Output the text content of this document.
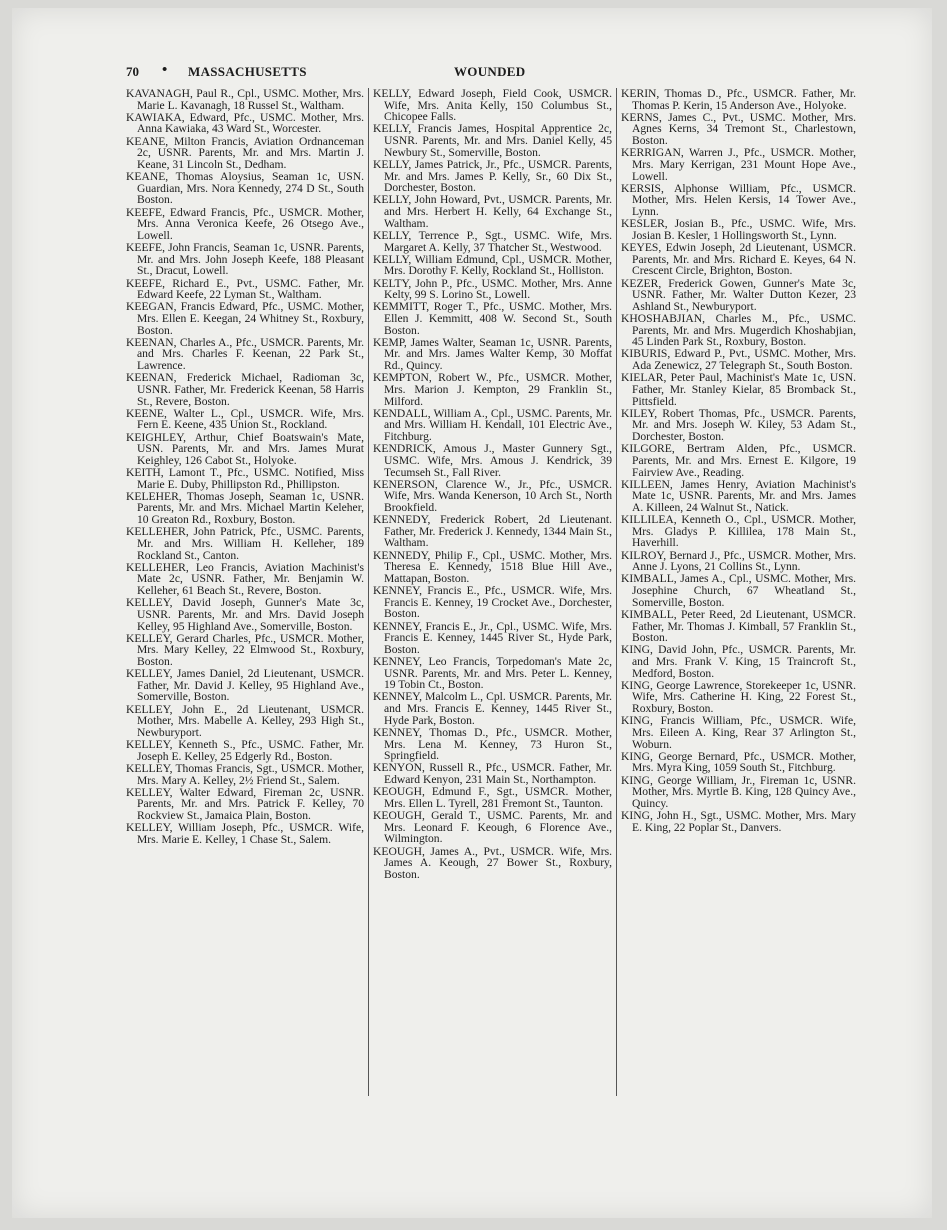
70 • MASSACHUSETTS	WOUNDED

KAVANAGH, Paul R., Cpl., USMC. Mother, Mrs. Marie L. Kavanagh, 18 Russel St., Waltham.

KAWIAKA, Edward, Pfc., USMC. Mother, Mrs. Anna Kawiaka, 43 Ward St., Worcester.

KEANE, Milton Francis, Aviation Ordnanceman 2c, USNR. Parents, Mr. and Mrs. Martin J. Keane, 31 Lincoln St., Dedham.

KEANE, Thomas Aloysius, Seaman 1c, USN. Guardian, Mrs. Nora Kennedy, 274 D St., South Boston.

KEEFE, Edward Francis, Pfc., USMCR. Mother, Mrs. Anna Veronica Keefe, 26 Otsego Ave., Lowell.

KEEFE, John Francis, Seaman 1c, USNR. Parents, Mr. and Mrs. John Joseph Keefe, 188 Pleasant St., Dracut, Lowell.

KEEFE, Richard E., Pvt., USMC. Father, Mr. Edward Keefe, 22 Lyman St., Waltham.

KEEGAN, Francis Edward, Pfc., USMC. Mother, Mrs. Ellen E. Keegan, 24 Whitney St., Roxbury, Boston.

KEENAN, Charles A., Pfc., USMCR. Parents, Mr. and Mrs. Charles F. Keenan, 22 Park St., Lawrence.

KEENAN, Frederick Michael, Radioman 3c, USNR. Father, Mr. Frederick Keenan, 58 Harris St., Revere, Boston.

KEENE, Walter L., Cpl., USMCR. Wife, Mrs. Fern E. Keene, 435 Union St., Rockland.

KEIGHLEY, Arthur, Chief Boatswain's Mate, USN. Parents, Mr. and Mrs. James Murat Keighley, 126 Cabot St., Holyoke.

KEITH, Lamont T., Pfc., USMC. Notified, Miss Marie E. Duby, Phillipston Rd., Phillipston.

KELEHER, Thomas Joseph, Seaman 1c, USNR. Parents, Mr. and Mrs. Michael Martin Keleher, 10 Greaton Rd., Roxbury, Boston.

KELLEHER, John Patrick, Pfc., USMC. Parents, Mr. and Mrs. William H. Kelleher, 189 Rockland St., Canton.

KELLEHER, Leo Francis, Aviation Machinist's Mate 2c, USNR. Father, Mr. Benjamin W. Kelleher, 61 Beach St., Revere, Boston.

KELLEY, David Joseph, Gunner's Mate 3c, USNR. Parents, Mr. and Mrs. David Joseph Kelley, 95 Highland Ave., Somerville, Boston.

KELLEY, Gerard Charles, Pfc., USMCR. Mother, Mrs. Mary Kelley, 22 Elmwood St., Roxbury, Boston.

KELLEY, James Daniel, 2d Lieutenant, USMCR. Father, Mr. David J. Kelley, 95 Highland Ave., Somerville, Boston.

KELLEY, John E., 2d Lieutenant, USMCR. Mother, Mrs. Mabelle A. Kelley, 293 High St., Newburyport.

KELLEY, Kenneth S., Pfc., USMC. Father, Mr. Joseph E. Kelley, 25 Edgerly Rd., Boston.

KELLEY, Thomas Francis, Sgt., USMCR. Mother, Mrs. Mary A. Kelley, 2½ Friend St., Salem.

KELLEY, Walter Edward, Fireman 2c, USNR. Parents, Mr. and Mrs. Patrick F. Kelley, 70 Rockview St., Jamaica Plain, Boston.

KELLEY, William Joseph, Pfc., USMCR. Wife, Mrs. Marie E. Kelley, 1 Chase St., Salem.

KELLY, Edward Joseph, Field Cook, USMCR. Wife, Mrs. Anita Kelly, 150 Columbus St., Chicopee Falls.

KELLY, Francis James, Hospital Apprentice 2c, USNR. Parents, Mr. and Mrs. Daniel Kelly, 45 Newbury St., Somerville, Boston.

KELLY, James Patrick, Jr., Pfc., USMCR. Parents, Mr. and Mrs. James P. Kelly, Sr., 60 Dix St., Dorchester, Boston.

KELLY, John Howard, Pvt., USMCR. Parents, Mr. and Mrs. Herbert H. Kelly, 64 Exchange St., Waltham.

KELLY, Terrence P., Sgt., USMC. Wife, Mrs. Margaret A. Kelly, 37 Thatcher St., Westwood.

KELLY, William Edmund, Cpl., USMCR. Mother, Mrs. Dorothy F. Kelly, Rockland St., Holliston.

KELTY, John P., Pfc., USMC. Mother, Mrs. Anne Kelty, 99 S. Lorino St., Lowell.

KEMMITT, Roger T., Pfc., USMC. Mother, Mrs. Ellen J. Kemmitt, 408 W. Second St., South Boston.

KEMP, James Walter, Seaman 1c, USNR. Parents, Mr. and Mrs. James Walter Kemp, 30 Moffat Rd., Quincy.

KEMPTON, Robert W., Pfc., USMCR. Mother, Mrs. Marion J. Kempton, 29 Franklin St., Milford.

KENDALL, William A., Cpl., USMC. Parents, Mr. and Mrs. William H. Kendall, 101 Electric Ave., Fitchburg.

KENDRICK, Amous J., Master Gunnery Sgt., USMC. Wife, Mrs. Amous J. Kendrick, 39 Tecumseh St., Fall River.

KENERSON, Clarence W., Jr., Pfc., USMCR. Wife, Mrs. Wanda Kenerson, 10 Arch St., North Brookfield.

KENNEDY, Frederick Robert, 2d Lieutenant. Father, Mr. Frederick J. Kennedy, 1344 Main St., Waltham.

KENNEDY, Philip F., Cpl., USMC. Mother, Mrs. Theresa E. Kennedy, 1518 Blue Hill Ave., Mattapan, Boston.

KENNEY, Francis E., Pfc., USMCR. Wife, Mrs. Francis E. Kenney, 19 Crocket Ave., Dorchester, Boston.

KENNEY, Francis E., Jr., Cpl., USMC. Wife, Mrs. Francis E. Kenney, 1445 River St., Hyde Park, Boston.

KENNEY, Leo Francis, Torpedoman's Mate 2c, USNR. Parents, Mr. and Mrs. Peter L. Kenney, 19 Tobin Ct., Boston.

KENNEY, Malcolm L., Cpl. USMCR. Parents, Mr. and Mrs. Francis E. Kenney, 1445 River St., Hyde Park, Boston.

KENNEY, Thomas D., Pfc., USMCR. Mother, Mrs. Lena M. Kenney, 73 Huron St., Springfield.

KENYON, Russell R., Pfc., USMCR. Father, Mr. Edward Kenyon, 231 Main St., Northampton.

KEOUGH, Edmund F., Sgt., USMCR. Mother, Mrs. Ellen L. Tyrell, 281 Fremont St., Taunton.

KEOUGH, Gerald T., USMC. Parents, Mr. and Mrs. Leonard F. Keough, 6 Florence Ave., Wilmington.

KEOUGH, James A., Pvt., USMCR. Wife, Mrs. James A. Keough, 27 Bower St., Roxbury, Boston.

KERIN, Thomas D., Pfc., USMCR. Father, Mr. Thomas P. Kerin, 15 Anderson Ave., Holyoke.

KERNS, James C., Pvt., USMC. Mother, Mrs. Agnes Kerns, 34 Tremont St., Charlestown, Boston.

KERRIGAN, Warren J., Pfc., USMCR. Mother, Mrs. Mary Kerrigan, 231 Mount Hope Ave., Lowell.

KERSIS, Alphonse William, Pfc., USMCR. Mother, Mrs. Helen Kersis, 14 Tower Ave., Lynn.

KESLER, Josian B., Pfc., USMC. Wife, Mrs. Josian B. Kesler, 1 Hollingsworth St., Lynn.

KEYES, Edwin Joseph, 2d Lieutenant, USMCR. Parents, Mr. and Mrs. Richard E. Keyes, 64 N. Crescent Circle, Brighton, Boston.

KEZER, Frederick Gowen, Gunner's Mate 3c, USNR. Father, Mr. Walter Dutton Kezer, 23 Ashland St., Newburyport.

KHOSHABJIAN, Charles M., Pfc., USMC. Parents, Mr. and Mrs. Mugerdich Khoshabjian, 45 Linden Park St., Roxbury, Boston.

KIBURIS, Edward P., Pvt., USMC. Mother, Mrs. Ada Zenewicz, 27 Telegraph St., South Boston.

KIELAR, Peter Paul, Machinist's Mate 1c, USN. Father, Mr. Stanley Kielar, 85 Bromback St., Pittsfield.

KILEY, Robert Thomas, Pfc., USMCR. Parents, Mr. and Mrs. Joseph W. Kiley, 53 Adam St., Dorchester, Boston.

KILGORE, Bertram Alden, Pfc., USMCR. Parents, Mr. and Mrs. Ernest E. Kilgore, 19 Fairview Ave., Reading.

KILLEEN, James Henry, Aviation Machinist's Mate 1c, USNR. Parents, Mr. and Mrs. James A. Killeen, 24 Walnut St., Natick.

KILLILEA, Kenneth O., Cpl., USMCR. Mother, Mrs. Gladys P. Killilea, 178 Main St., Haverhill.

KILROY, Bernard J., Pfc., USMCR. Mother, Mrs. Anne J. Lyons, 21 Collins St., Lynn.

KIMBALL, James A., Cpl., USMC. Mother, Mrs. Josephine Church, 67 Wheatland St., Somerville, Boston.

KIMBALL, Peter Reed, 2d Lieutenant, USMCR. Father, Mr. Thomas J. Kimball, 57 Franklin St., Boston.

KING, David John, Pfc., USMCR. Parents, Mr. and Mrs. Frank V. King, 15 Traincroft St., Medford, Boston.

KING, George Lawrence, Storekeeper 1c, USNR. Wife, Mrs. Catherine H. King, 22 Forest St., Roxbury, Boston.

KING, Francis William, Pfc., USMCR. Wife, Mrs. Eileen A. King, Rear 37 Arlington St., Woburn.

KING, George Bernard, Pfc., USMCR. Mother, Mrs. Myra King, 1059 South St., Fitchburg.

KING, George William, Jr., Fireman 1c, USNR. Mother, Mrs. Myrtle B. King, 128 Quincy Ave., Quincy.

KING, John H., Sgt., USMC. Mother, Mrs. Mary E. King, 22 Poplar St., Danvers.
